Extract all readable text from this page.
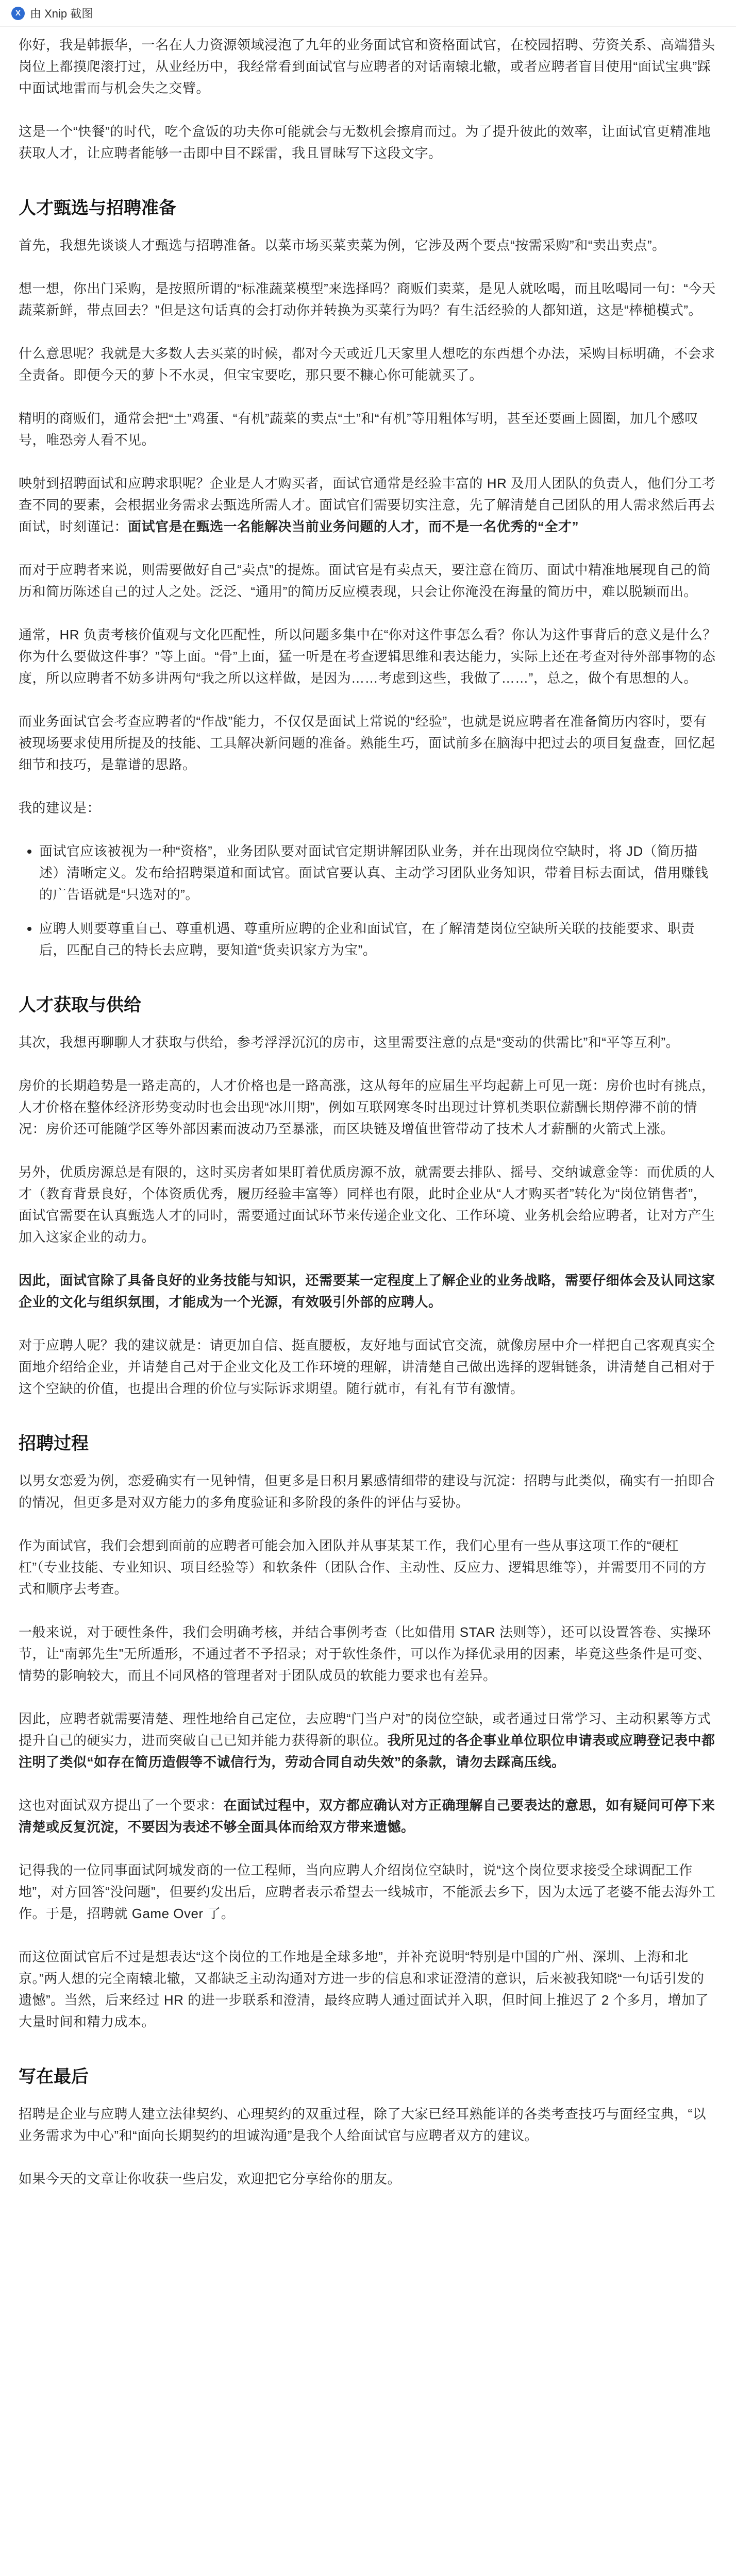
X 由 Xnip 截图

你好，我是韩振华，一名在人力资源领域浸泡了九年的业务面试官和资格面试官，在校园招聘、劳资关系、高端猎头岗位上都摸爬滚打过，从业经历中，我经常看到面试官与应聘者的对话南辕北辙，或者应聘者盲目使用“面试宝典”踩中面试地雷而与机会失之交臂。

这是一个“快餐”的时代，吃个盒饭的功夫你可能就会与无数机会擦肩而过。为了提升彼此的效率，让面试官更精准地获取人才，让应聘者能够一击即中目不踩雷，我且冒昧写下这段文字。

人才甄选与招聘准备

首先，我想先谈谈人才甄选与招聘准备。以菜市场买菜卖菜为例，它涉及两个要点“按需采购”和“卖出卖点”。

想一想，你出门采购，是按照所谓的“标准蔬菜模型”来选择吗？商贩们卖菜，是见人就吆喝，而且吆喝同一句：“今天蔬菜新鲜，带点回去？”但是这句话真的会打动你并转换为买菜行为吗？有生活经验的人都知道，这是“棒槌模式”。

什么意思呢？我就是大多数人去买菜的时候，都对今天或近几天家里人想吃的东西想个办法，采购目标明确，不会求全责备。即便今天的萝卜不水灵，但宝宝要吃，那只要不糠心你可能就买了。

精明的商贩们，通常会把“土”鸡蛋、“有机”蔬菜的卖点“土”和“有机”等用粗体写明，甚至还要画上圆圈，加几个感叹号，唯恐旁人看不见。

映射到招聘面试和应聘求职呢？企业是人才购买者，面试官通常是经验丰富的 HR 及用人团队的负责人，他们分工考查不同的要素，会根据业务需求去甄选所需人才。面试官们需要切实注意，先了解清楚自己团队的用人需求然后再去面试，时刻谨记：面试官是在甄选一名能解决当前业务问题的人才，而不是一名优秀的“全才”

而对于应聘者来说，则需要做好自己“卖点”的提炼。面试官是有卖点天，要注意在简历、面试中精准地展现自己的简历和简历陈述自己的过人之处。泛泛、“通用”的简历反应模表现，只会让你淹没在海量的简历中，难以脱颖而出。

通常，HR 负责考核价值观与文化匹配性，所以问题多集中在“你对这件事怎么看？你认为这件事背后的意义是什么？你为什么要做这件事？”等上面。“骨”上面，猛一听是在考查逻辑思维和表达能力，实际上还在考查对待外部事物的态度，所以应聘者不妨多讲两句“我之所以这样做，是因为……考虑到这些，我做了……”，总之，做个有思想的人。

而业务面试官会考查应聘者的“作战”能力，不仅仅是面试上常说的“经验”，也就是说应聘者在准备简历内容时，要有被现场要求使用所提及的技能、工具解决新问题的准备。熟能生巧，面试前多在脑海中把过去的项目复盘查，回忆起细节和技巧，是靠谱的思路。

我的建议是：

• 面试官应该被视为一种“资格”，业务团队要对面试官定期讲解团队业务，并在出现岗位空缺时，将 JD（简历描述）清晰定义。发布给招聘渠道和面试官。面试官要认真、主动学习团队业务知识，带着目标去面试，借用赚钱的广告语就是“只选对的”。
• 应聘人则要尊重自己、尊重机遇、尊重所应聘的企业和面试官，在了解清楚岗位空缺所关联的技能要求、职责后，匹配自己的特长去应聘，要知道“货卖识家方为宝”。
人才获取与供给

其次，我想再聊聊人才获取与供给，参考浮浮沉沉的房市，这里需要注意的点是“变动的供需比”和“平等互利”。

房价的长期趋势是一路走高的，人才价格也是一路高涨，这从每年的应届生平均起薪上可见一斑：房价也时有挑点，人才价格在整体经济形势变动时也会出现“冰川期”，例如互联网寒冬时出现过计算机类职位薪酬长期停滞不前的情况：房价还可能随学区等外部因素而波动乃至暴涨，而区块链及增值世管带动了技术人才薪酬的火箭式上涨。

另外，优质房源总是有限的，这时买房者如果盯着优质房源不放，就需要去排队、摇号、交纳诚意金等：而优质的人才（教育背景良好，个体资质优秀，履历经验丰富等）同样也有限，此时企业从“人才购买者”转化为“岗位销售者”，面试官需要在认真甄选人才的同时，需要通过面试环节来传递企业文化、工作环境、业务机会给应聘者，让对方产生加入这家企业的动力。

因此，面试官除了具备良好的业务技能与知识，还需要某一定程度上了解企业的业务战略，需要仔细体会及认同这家企业的文化与组织氛围，才能成为一个光源，有效吸引外部的应聘人。

对于应聘人呢？我的建议就是：请更加自信、挺直腰板，友好地与面试官交流，就像房屋中介一样把自己客观真实全面地介绍给企业，并请楚自己对于企业文化及工作环境的理解，讲清楚自己做出选择的逻辑链条，讲清楚自己相对于这个空缺的价值，也提出合理的价位与实际诉求期望。随行就市，有礼有节有激情。

招聘过程

以男女恋爱为例，恋爱确实有一见钟情，但更多是日积月累感情细带的建设与沉淀：招聘与此类似，确实有一拍即合的情况，但更多是对双方能力的多角度验证和多阶段的条件的评估与妥协。

作为面试官，我们会想到面前的应聘者可能会加入团队并从事某某工作，我们心里有一些从事这项工作的“硬杠杠”（专业技能、专业知识、项目经验等）和软条件（团队合作、主动性、反应力、逻辑思维等），并需要用不同的方式和顺序去考查。

一般来说，对于硬性条件，我们会明确考核，并结合事例考查（比如借用 STAR 法则等），还可以设置答卷、实操环节，让“南郭先生”无所遁形，不通过者不予招录；对于软性条件，可以作为择优录用的因素，毕竟这些条件是可变、情势的影响较大，而且不同风格的管理者对于团队成员的软能力要求也有差异。

因此，应聘者就需要清楚、理性地给自己定位，去应聘“门当户对”的岗位空缺，或者通过日常学习、主动积累等方式提升自己的硬实力，进而突破自己已知并能力获得新的职位。我所见过的各企事业单位职位申请表或应聘登记表中都注明了类似“如存在简历造假等不诚信行为，劳动合同自动失效”的条款，请勿去踩高压线。

这也对面试双方提出了一个要求：在面试过程中，双方都应确认对方正确理解自己要表达的意思，如有疑问可停下来清楚或反复沉淀，不要因为表述不够全面具体而给双方带来遗憾。

记得我的一位同事面试阿城发商的一位工程师，当向应聘人介绍岗位空缺时，说“这个岗位要求接受全球调配工作地”，对方回答“没问题”，但要约发出后，应聘者表示希望去一线城市，不能派去乡下，因为太远了老婆不能去海外工作。于是，招聘就 Game Over 了。

而这位面试官后不过是想表达“这个岗位的工作地是全球多地”，并补充说明“特别是中国的广州、深圳、上海和北京。”两人想的完全南辕北辙，又都缺乏主动沟通对方进一步的信息和求证澄清的意识，后来被我知晓“一句话引发的遗憾”。当然，后来经过 HR 的进一步联系和澄清，最终应聘人通过面试并入职，但时间上推迟了 2 个多月，增加了大量时间和精力成本。

写在最后

招聘是企业与应聘人建立法律契约、心理契约的双重过程，除了大家已经耳熟能详的各类考查技巧与面经宝典，“以业务需求为中心”和“面向长期契约的坦诚沟通”是我个人给面试官与应聘者双方的建议。

如果今天的文章让你收获一些启发，欢迎把它分享给你的朋友。
